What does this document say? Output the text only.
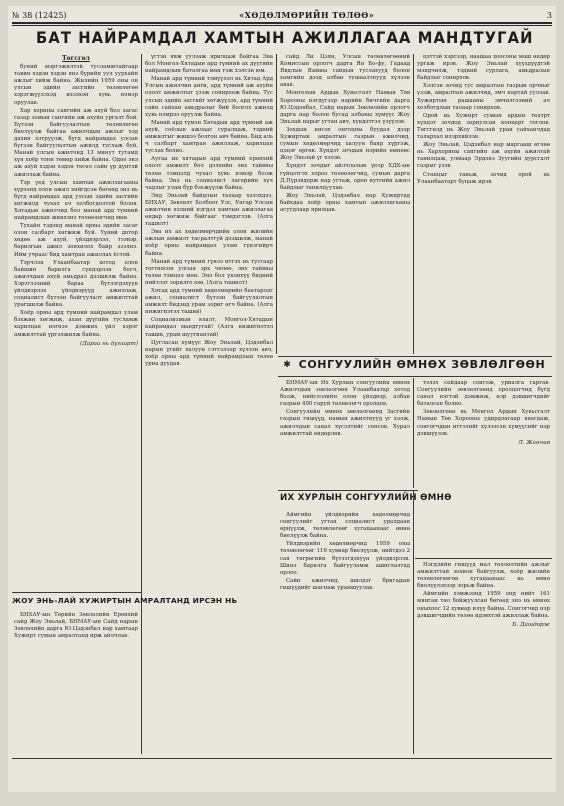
№ 38 (12425)	«ХӨДӨЛМӨРИЙН ТӨЛӨӨ»	3
БАТ НАЙРАМДАЛ ХАМТЫН АЖИЛЛАГАА МАНДТУГАЙ
Төгсгөл

буний мэргэжилтэй тусламжтайгаар тавин хэдэн хэдэн янз бүрийн уул уурхайн ажлыг хийж байна. Жилийн 1959 оны он улсын эдийн засгийн төлөвлөгөө хэрэгжүүлэхэд ихээхэн хувь нэмэр оруулав.

Хар хорины сангийн аж ахуй бол хагас газар зомын сангийн аж ахуйн ургалт бой. Бүтээн байгуулалтын төлөвлөгөө биелүүлж байгаа ажилчдын ажлыг хэд дахин хэтрүүлж, бүгд найрамдах улсын бүтээн байгуулалтын ажилд туслаж буй. Манай улсын ажилчид 13 минут тутамд хүн хоёр тонн төмөр хийж байна. Одоо энэ аж ахуй хэдэн хэдэн төсөл сайн үр дүнтэй ажиллаж байна.

Тэр үед улсын хамтын ажиллагааны хүрээнд олон ажил хийгдсэн бөгөөд энэ нь бүгд найрамдах ард улсын эдийн засгийн хөгжилд чухал ач холбогдолтой болов. Хятадын ажилчид бол манай ард түмний найрамдлын жинхэнэ төлөөлөгчид мөн.

Тухайн тэдэнд манай орны эдийн засаг олон салбарт хөгжиж буй. Үүний дотор хөдөө аж ахуй, үйлдвэрлэл, тээвэр, барилгын ажил зонхилох байр эзэлнэ. Ийм учраас бид хамтран ажиллах ёстой.

Тэрчлэн Улаанбаатар хотод олон байшин барилга сүндэрлэн босч, ажилчдын ахуй амьдрал дээшилж байна. Хэрэглээний бараа бүтээгдэхүүн үйлдвэрлэх үйлдвэрүүд ажиллаж, социалист бүтээн байгуулалт амжилттай урагшилж байна.

Хоёр орны ард түмний найрамдал улам бэхжин хөгжиж, ахан дүүгийн тусламж харилцан нэгнээ дэмжих үйл хэрэг амжилттай үргэлжилж байна.

(Дараа нь дугаарт)

үгтэн явж уулзаж ярилцаж байгаа Эва бол Монгол-Хятадын ард түмний ах дүүгийн найрамдлын баталгаа мөн гэж хэлсэн юм.

Манай ард түмний тэмүүлэл нь Хятад Ард Улсын ажилчин анги, ард түмний аж ахуйн ололт амжилтыг үзэж сонирхож байна. Тус улсын эдийн засгийг хөгжүүлэх, ард түмний сайн сайхан амьдралыг бий болгох ажилд хувь нэмрээ оруулж байна.

Манай ард түмэн Хятадын ард түмний аж ахуй, соёлын ажлаас суралцаж, тэдний амжилтыг жишээ болгон авч байна. Бид аль ч салбарт хамтран ажиллаж, харилцан туслах болно.

Аугаа их хятадын ард түмний ерөнхий ололт амжилт бол дэлхийн энх тайвны төлөө тэмцэлд чухал хувь нэмэр болж байна. Энэ нь социалист лагерийн хүч чадлыг улам бүр бэхжүүлж байна.

Энд Эньлай байдлын талаар хэлэхдээ, БНХАУ, Зөвлөлт Холбоот Улс, Унгар Улсын ажилчин хэлний нэгдэл хамтын ажиллагаа өндөр хөгжиж байгааг тэмдэглэв. (Алга ташилт)

Эва их ах хөдөлмөрчдийн олон жилийн ажлын амжилт тасралтгүй дээшилж, манай хоёр орны найрамдал улам гүнзгийрч байна.

Манай ард түмний гүнээ итгэх нь тусгаар тогтносон улсын эрх чөлөө, энх тайвны төлөө тэмцэл мөн. Энэ бол үнэнхүү бидний нийтлэг зорилго юм. (Алга ташилт)

Хятад ард түмний хөдөлмөрийн баатарлаг ажил, социалист бүтээн байгуулалтын амжилт бидэнд урам зориг өгч байна. (Алга нижигнэтэл ташив)

Социализмын ялалт, Монгол-Хятадын найрамдал мандтугай! (Алга нижигнэтэл ташив, урам шуугиантай)

Цугласан хүмүүс Жоу Эньлай, Цэдэнбал нарын үгийг халуун сэтгэлээр хүлээн авч, хоёр орны ард түмний найрамдлын төлөө уриа дуудав.

сайд Ли Цзян, Улсын төлөвлөгөөний Комиссын орлогч дарга Ян Бо-фу, Гадаад Явдлын Яамны сайдын туслахууд болон хамгийн дээд албан тушаалтнууд хүлээн авав.

Монголын Ардын Хувьсгалт Намын Төв Хорооны нэгдүгээр нарийн бичгийн дарга Ю.Цэдэнбал, Сайд нарын Зөвлөлийн орлогч дарга нар болон бусад албаны хүмүүс Жоу Эньлай нарыг угтан авч, хүндэтгэл үзүүлэв.

Зохдын нисэх онгоцны буудал дээр Хужиртын амралтын газрын ажилчид, сумын хөдөлмөрчид халуун баяр хүргэж, цэцэг өргөв. Хүндэт зочдын нэрийн өмнөөс Жоу Эньлай үг хэлэв.

Хүндэт зочдыг айлчлалын үеэр ХДХ-ын гүйцэтгэх хороо төлөөлөгчид, сумын дарга Д.Пүрэвдорж нар угтаж, орон нутгийн ажил байдлыг танилцуулав.

Жоу Эньлай, Цэдэнбал нар Хужиртад байхдаа хоёр орны хамтын ажиллагааны асуудлаар ярилцав.

цэттэй хэрсээр, наашаа хоосоны маш өндөр ургаж ирэв. Жоу Эньлай хүүхдүүдтэй мэндчилж, тэдний сурлага, амьдралын байдлыг сонирхов.

Хэлсэн зочид тус амралтын газрын орчныг үзэж, амралтын ажилчид, эмч нартай уулзав. Хужиртын рашааны эмчилгээний ач холбогдлын талаар сонирхов.

Орой нь Хужирт сумын ардын театрт хүндэт зочдод зориулсан концерт тоглов. Төгсгөлд нь Жоу Эньлай уран сайханчдад талархал илэрхийлэв.

Жоу Эньлай, Цэдэнбал нар маргааш өглөө нь Хархорины сангийн аж ахуйн ажилтай танилцаж, улмаар Эрдэнэ Зуугийн дурсгалт газрыг үзэв.

Станцыг таньж, зочид орой нь Улаанбаатарт буцаж ирэв.

✱ СОНГУУЛИЙН ӨМНӨХ ЗӨВЛӨЛГӨӨН

БНМАУ-ын Их Хурлын сонгуулийн өмнөх Ажилчдын зөвлөлгөөн Улаанбаатар хотод болж, нийслэлийн олон үйлдвэр, албан газрын 400 гаруй төлөөлөгч оролцов.

Сонгуулийн өмнөх зөвлөлгөөнд Засгийн газрын гишүүд, намын ажилтнууд үг хэлж, ажилчдын санал хүсэлтийг сонсов. Хурал амжилттай өндөрлөв.

тэлэх сайдаар сонгож, уриалга гаргав. Сонгуулийн зөвлөлгөөнд оролцогчид бүгд санал нэгтэй дэмжиж, нэр дэвшигчдийг баталсан болно.

Зөвлөлгөөн нь Монгол Ардын Хувьсгалт Намын Төв Хорооны удирдлагаар явагдаж, сонгогчдын итгэлийг хүлээсэн хүмүүсийг нэр дэвшүүлэв.

Л. Жанчив
ИХ ХУРЛЫН СОНГУУЛИЙН ӨМНӨ

Аймгийн үйлдвэрийн хөдөлмөрчид сонгуулийг угтан социалист уралдаан өрнүүлж, төлөвлөгөөг хугацаанаас өмнө биелүүлж байна.

Үйлдвэрийн хөдөлмөрчид 1959 оны төлөвлөгөөг 116 хувиар биелүүлж, нийтдээ 2 сая төгрөгийн бүтээгдэхүүн үйлдвэрлэв. Шинэ барилга байгууламж ашиглалтад орлоо.

Сайн ажилчид, шилдэг бригадын гишүүдийг шагнаж урамшуулав.

Нэгдлийн гишүүд мал төллөлтийн ажлыг амжилттай зохион байгуулж, хоёр жилийн төлөвлөгөөгөө хугацаанаас нь өмнө биелүүлэхээр зорьж байна.

Аймгийн хэмжээнд 1959 онд нийт 161 мянган төл бойжуулсан бөгөөд энэ нь өмнөх оныхоос 12 хувиар илүү байна. Сонгогчид нэр дэвшигчдийн төлөө идэвхтэй ажиллаж байна.

Б. Дашдорж
ЖОУ ЭНЬ-ЛАЙ ХУЖИРТЫН АМРАЛТАНД ИРСЭН НЬ

БНХАУ-ын Төрийн Зөвлөлийн Ерөнхий сайд Жоу Эньлай, БНМАУ-ын Сайд нарын Зөвлөлийн дарга Ю.Цэдэнбал нар хамтаар Хужирт сумын амралтанд ирж айлчлав.
